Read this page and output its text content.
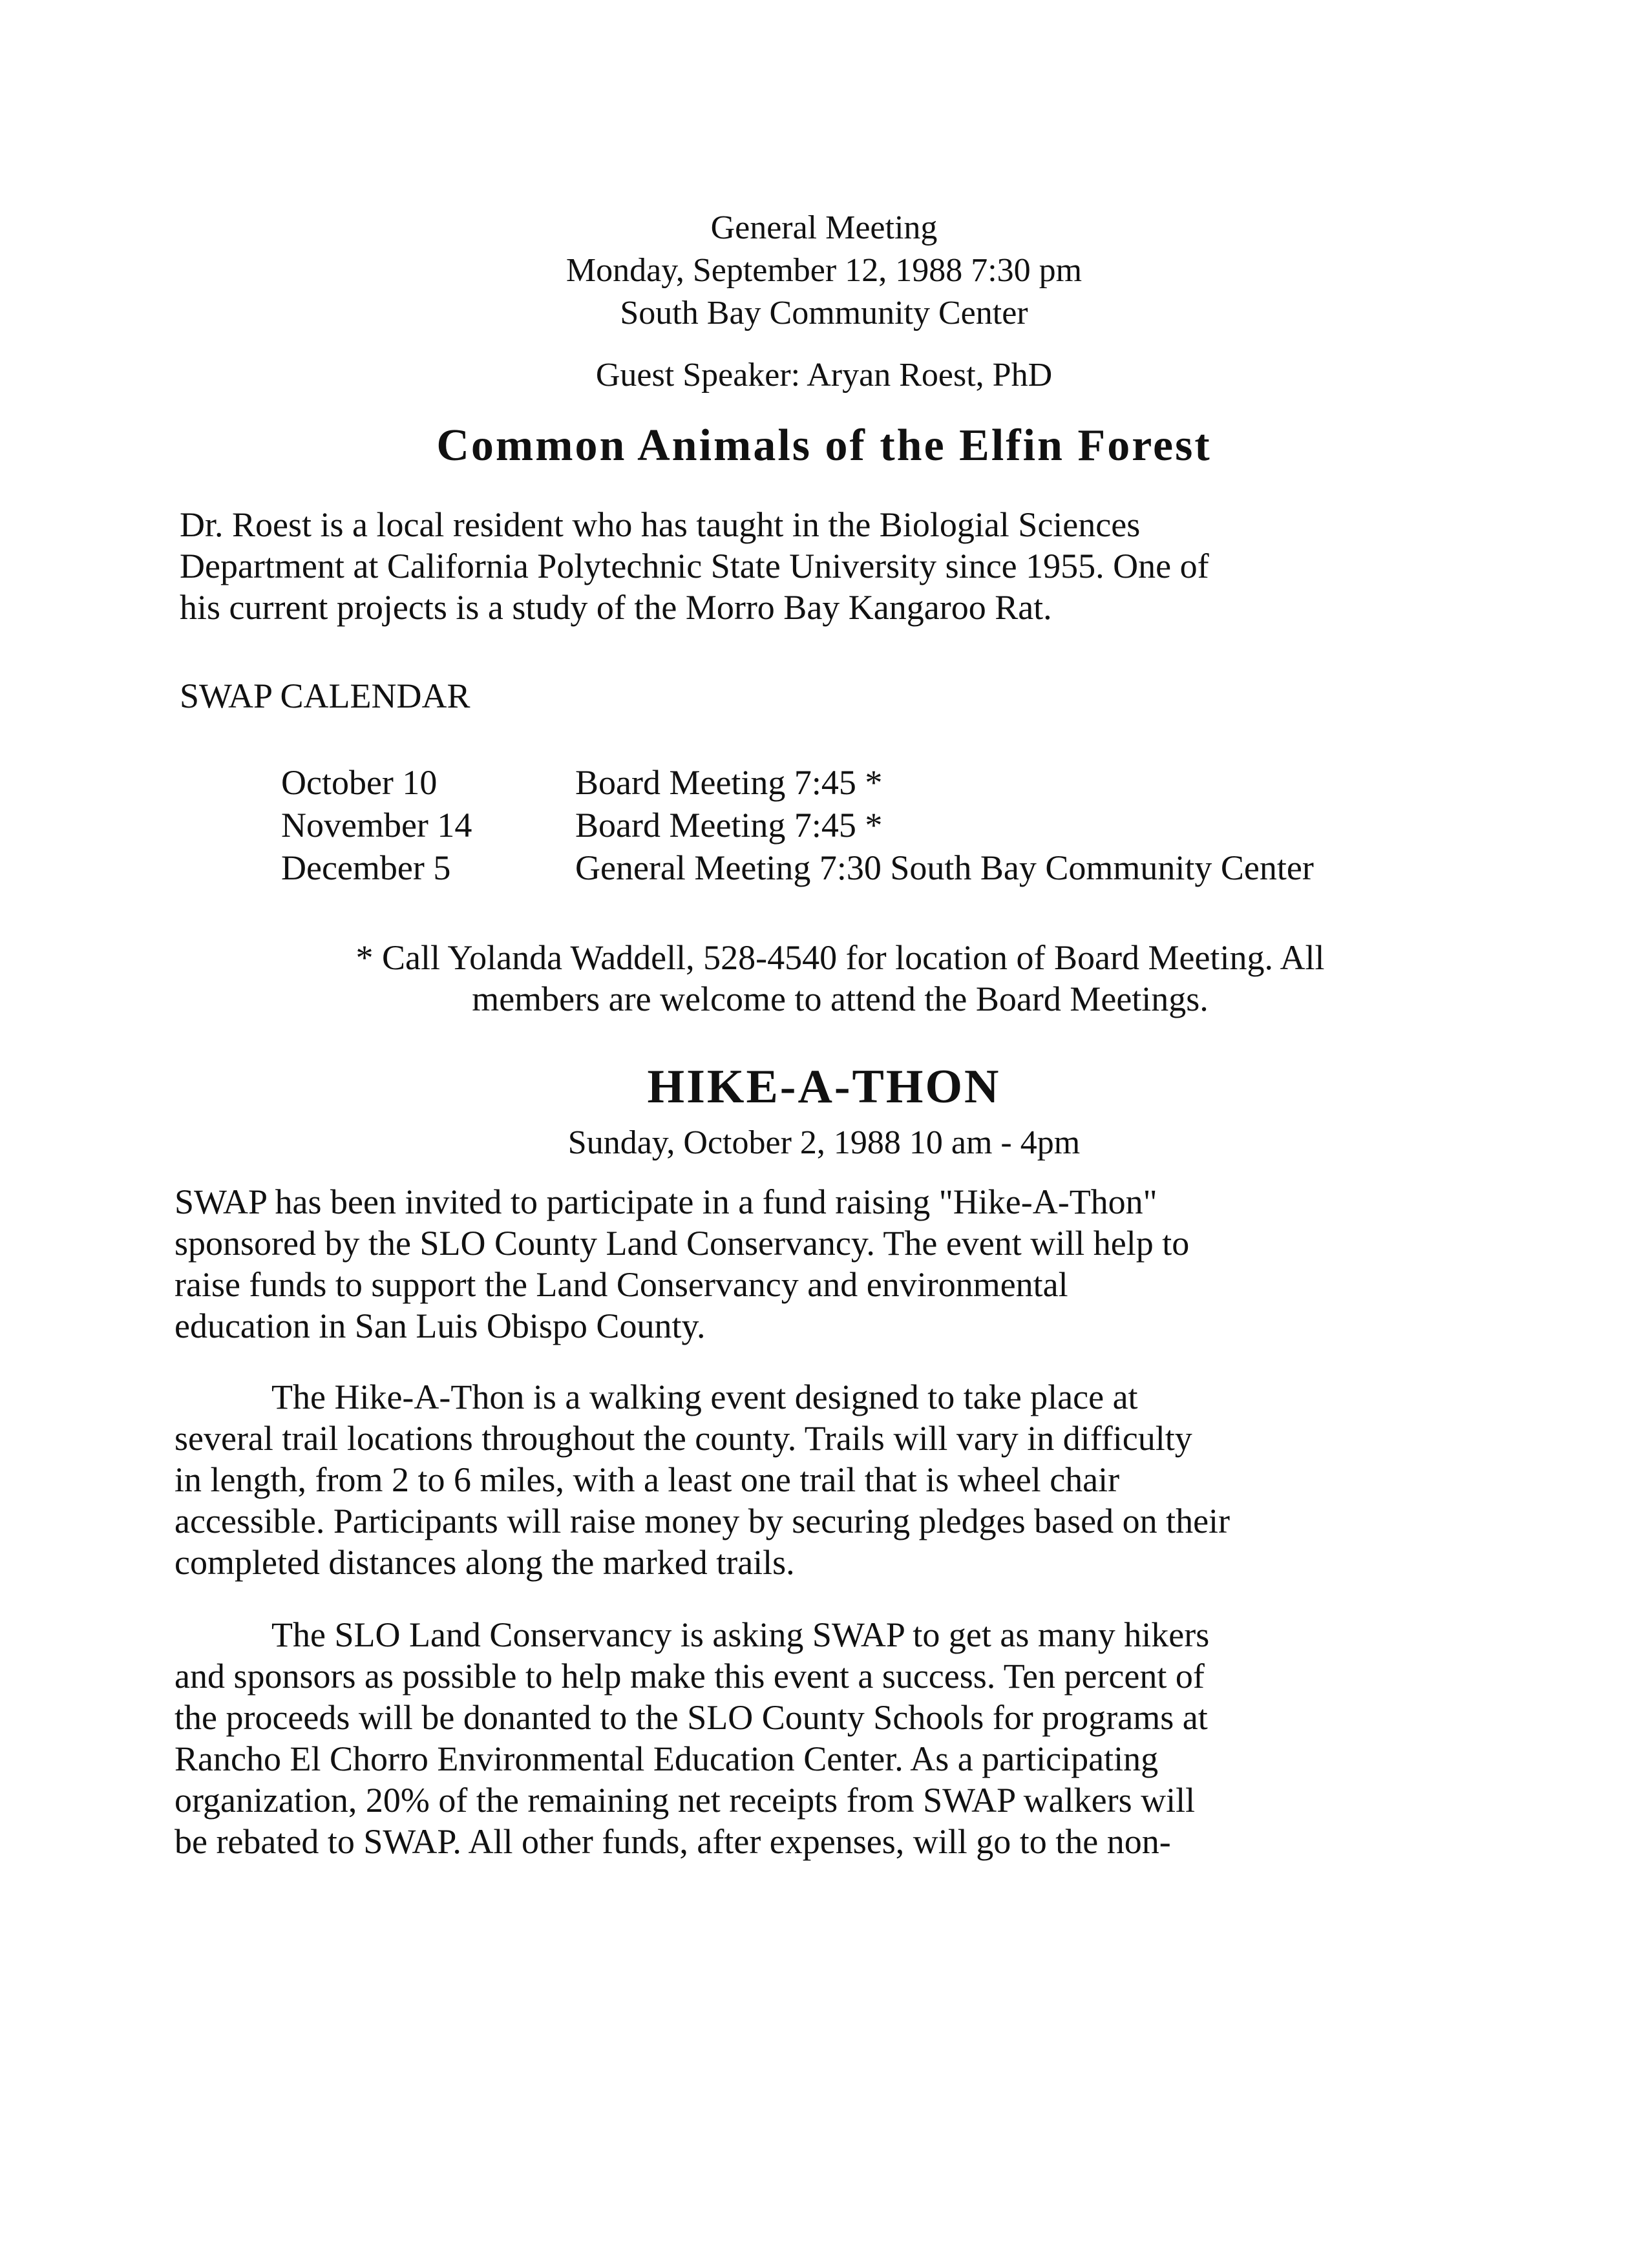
General Meeting
Monday, September 12, 1988 7:30 pm
South Bay Community Center
Guest Speaker: Aryan Roest, PhD
Common Animals of the Elfin Forest
Dr. Roest is a local resident who has taught in the Biologial Sciences
Department at California Polytechnic State University since 1955. One of
his current projects is a study of the Morro Bay Kangaroo Rat.
SWAP CALENDAR
October 10	Board Meeting 7:45 *
November 14	Board Meeting 7:45 *
December 5	General Meeting 7:30 South Bay Community Center
* Call Yolanda Waddell, 528-4540 for location of Board Meeting. All
members are welcome to attend the Board Meetings.
HIKE-A-THON
Sunday, October 2, 1988 10 am - 4pm
SWAP has been invited to participate in a fund raising "Hike-A-Thon"
sponsored by the SLO County Land Conservancy. The event will help to
raise funds to support the Land Conservancy and environmental
education in San Luis Obispo County.
The Hike-A-Thon is a walking event designed to take place at
several trail locations throughout the county. Trails will vary in difficulty
in length, from 2 to 6 miles, with a least one trail that is wheel chair
accessible. Participants will raise money by securing pledges based on their
completed distances along the marked trails.
The SLO Land Conservancy is asking SWAP to get as many hikers
and sponsors as possible to help make this event a success. Ten percent of
the proceeds will be donanted to the SLO County Schools for programs at
Rancho El Chorro Environmental Education Center. As a participating
organization, 20% of the remaining net receipts from SWAP walkers will
be rebated to SWAP. All other funds, after expenses, will go to the non-
